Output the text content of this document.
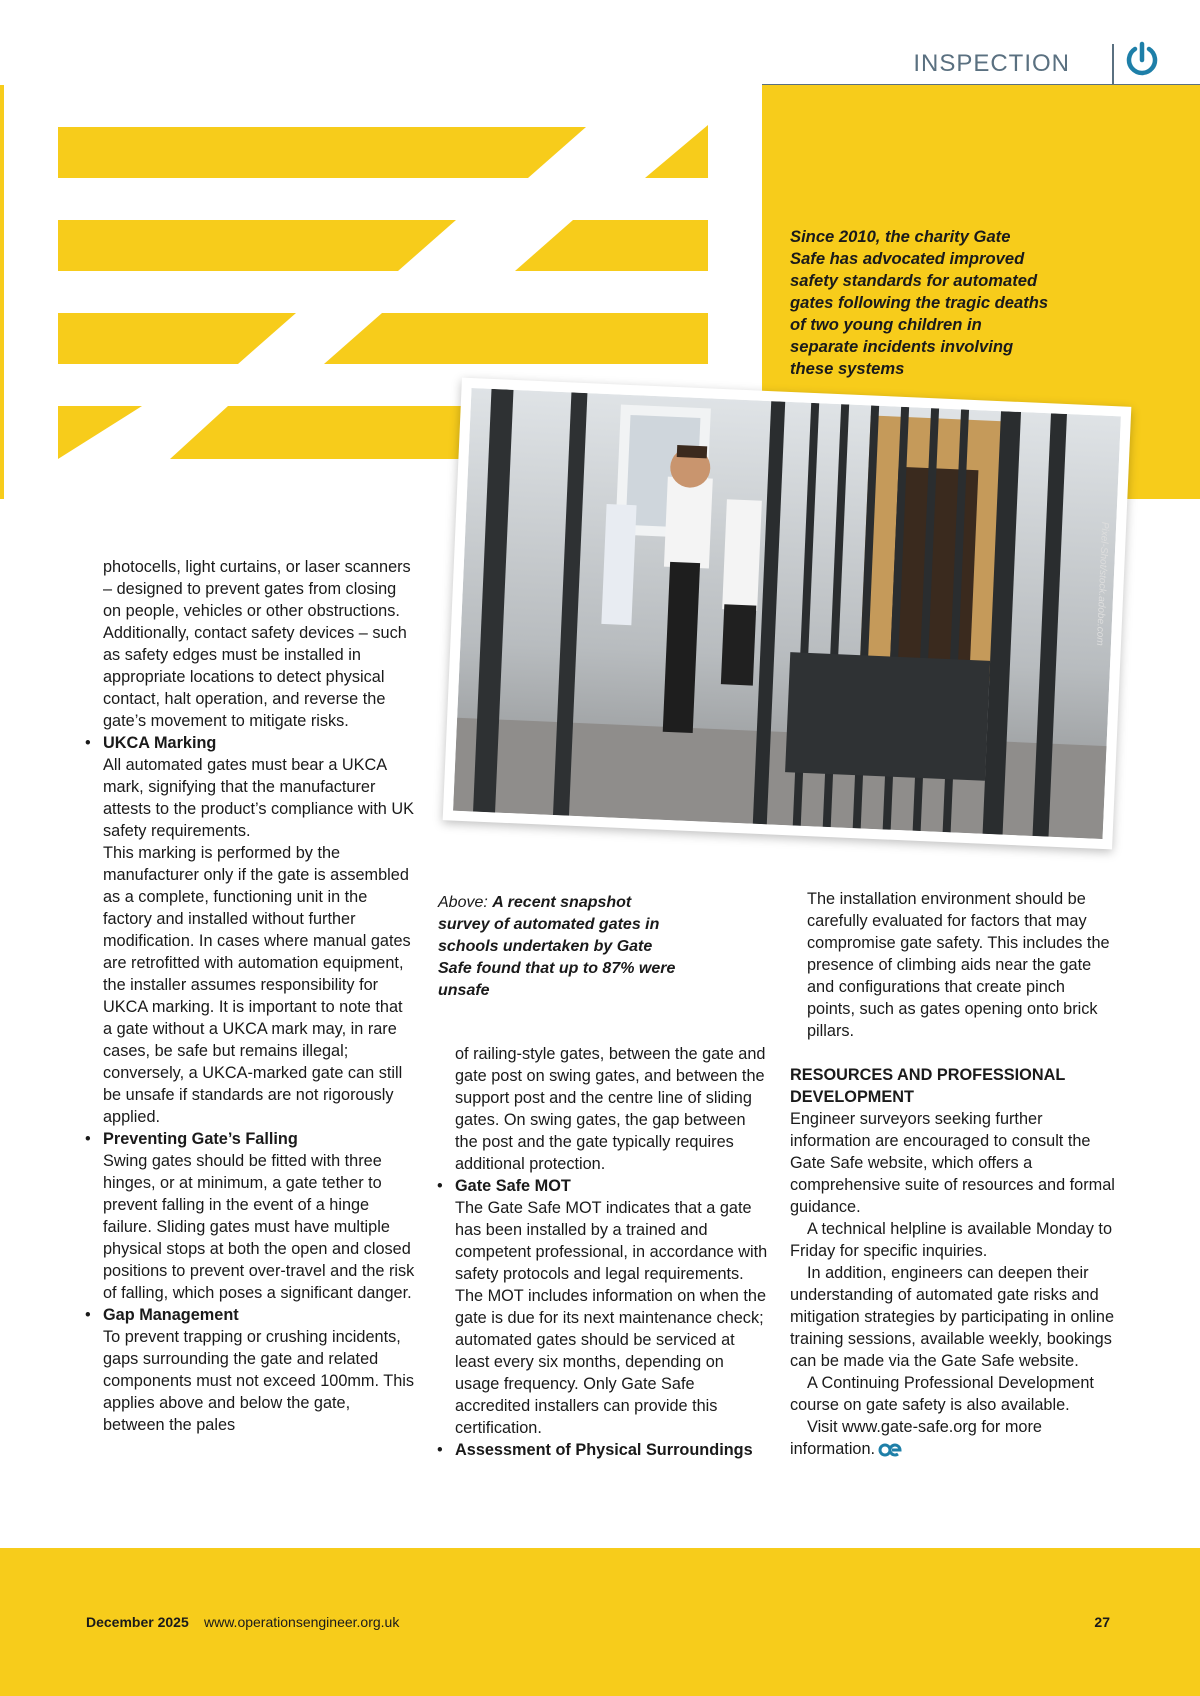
INSPECTION

Since 2010, the charity Gate Safe has advocated improved safety standards for automated gates following the tragic deaths of two young children in separate incidents involving these systems

Pixel-Shot/stock.adobe.com

Above: A recent snapshot survey of automated gates in schools undertaken by Gate Safe found that up to 87% were unsafe

photocells, light curtains, or laser scanners – designed to prevent gates from closing on people, vehicles or other obstructions. Additionally, contact safety devices – such as safety edges must be installed in appropriate locations to detect physical contact, halt operation, and reverse the gate’s movement to mitigate risks.

• UKCA Marking
All automated gates must bear a UKCA mark, signifying that the manufacturer attests to the product’s compliance with UK safety requirements.
This marking is performed by the manufacturer only if the gate is assembled as a complete, functioning unit in the factory and installed without further modification. In cases where manual gates are retrofitted with automation equipment, the installer assumes responsibility for UKCA marking. It is important to note that a gate without a UKCA mark may, in rare cases, be safe but remains illegal; conversely, a UKCA-marked gate can still be unsafe if standards are not rigorously applied.
• Preventing Gate’s Falling
Swing gates should be fitted with three hinges, or at minimum, a gate tether to prevent falling in the event of a hinge failure. Sliding gates must have multiple physical stops at both the open and closed positions to prevent over-travel and the risk of falling, which poses a significant danger.
• Gap Management
To prevent trapping or crushing incidents, gaps surrounding the gate and related components must not exceed 100mm. This applies above and below the gate, between the pales

of railing-style gates, between the gate and gate post on swing gates, and between the support post and the centre line of sliding gates. On swing gates, the gap between the post and the gate typically requires additional protection.

• Gate Safe MOT
The Gate Safe MOT indicates that a gate has been installed by a trained and competent professional, in accordance with safety protocols and legal requirements. The MOT includes information on when the gate is due for its next maintenance check; automated gates should be serviced at least every six months, depending on usage frequency. Only Gate Safe accredited installers can provide this certification.
• Assessment of Physical Surroundings

The installation environment should be carefully evaluated for factors that may compromise gate safety. This includes the presence of climbing aids near the gate and configurations that create pinch points, such as gates opening onto brick pillars.

RESOURCES AND PROFESSIONAL DEVELOPMENT

Engineer surveyors seeking further information are encouraged to consult the Gate Safe website, which offers a comprehensive suite of resources and formal guidance.

A technical helpline is available Monday to Friday for specific inquiries.

In addition, engineers can deepen their understanding of automated gate risks and mitigation strategies by participating in online training sessions, available weekly, bookings can be made via the Gate Safe website.

A Continuing Professional Development course on gate safety is also available.

Visit www.gate-safe.org for more information.

December 2025 www.operationsengineer.org.uk	27
